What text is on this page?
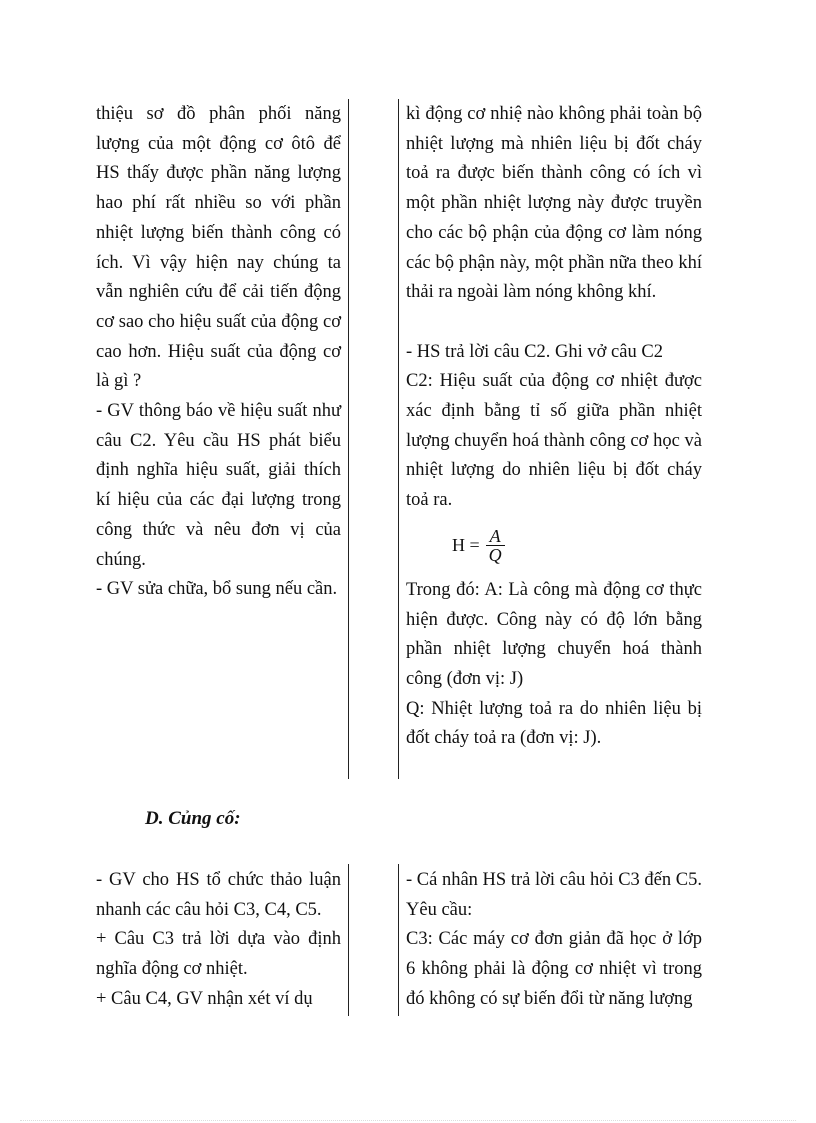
thiệu sơ đồ phân phối năng lượng của một động cơ ôtô để HS thấy được phần năng lượng hao phí rất nhiều so với phần nhiệt lượng biến thành công có ích. Vì vậy hiện nay chúng ta vẫn nghiên cứu để cải tiến động cơ sao cho hiệu suất của động cơ cao hơn. Hiệu suất của động cơ là gì ?

- GV thông báo về hiệu suất như câu C2. Yêu cầu HS phát biểu định nghĩa hiệu suất, giải thích kí hiệu của các đại lượng trong công thức và nêu đơn vị của chúng.

- GV sửa chữa, bổ sung nếu cần.

kì động cơ nhiệ nào không phải toàn bộ nhiệt lượng mà nhiên liệu bị đốt cháy toả ra được biến thành công có ích vì một phần nhiệt lượng này được truyền cho các bộ phận của động cơ làm nóng các bộ phận này, một phần nữa theo khí thải ra ngoài làm nóng không khí.

- HS trả lời câu C2. Ghi vở câu C2

C2: Hiệu suất của động cơ nhiệt được xác định bằng tỉ số giữa phần nhiệt lượng chuyển hoá thành công cơ học và nhiệt lượng do nhiên liệu bị đốt cháy toả ra.

$H = \frac{A}{Q}$

Trong đó: A: Là công mà động cơ thực hiện được. Công này có độ lớn bằng phần nhiệt lượng chuyển hoá thành công (đơn vị: J)

Q: Nhiệt lượng toả ra do nhiên liệu bị đốt cháy toả ra (đơn vị: J).

D. Củng cố:

- GV cho HS tổ chức thảo luận nhanh các câu hỏi C3, C4, C5.

+ Câu C3 trả lời dựa vào định nghĩa động cơ nhiệt.

+ Câu C4, GV nhận xét ví dụ

- Cá nhân HS trả lời câu hỏi C3 đến C5. Yêu cầu:

C3: Các máy cơ đơn giản đã học ở lớp 6 không phải là động cơ nhiệt vì trong đó không có sự biến đổi từ năng lượng
